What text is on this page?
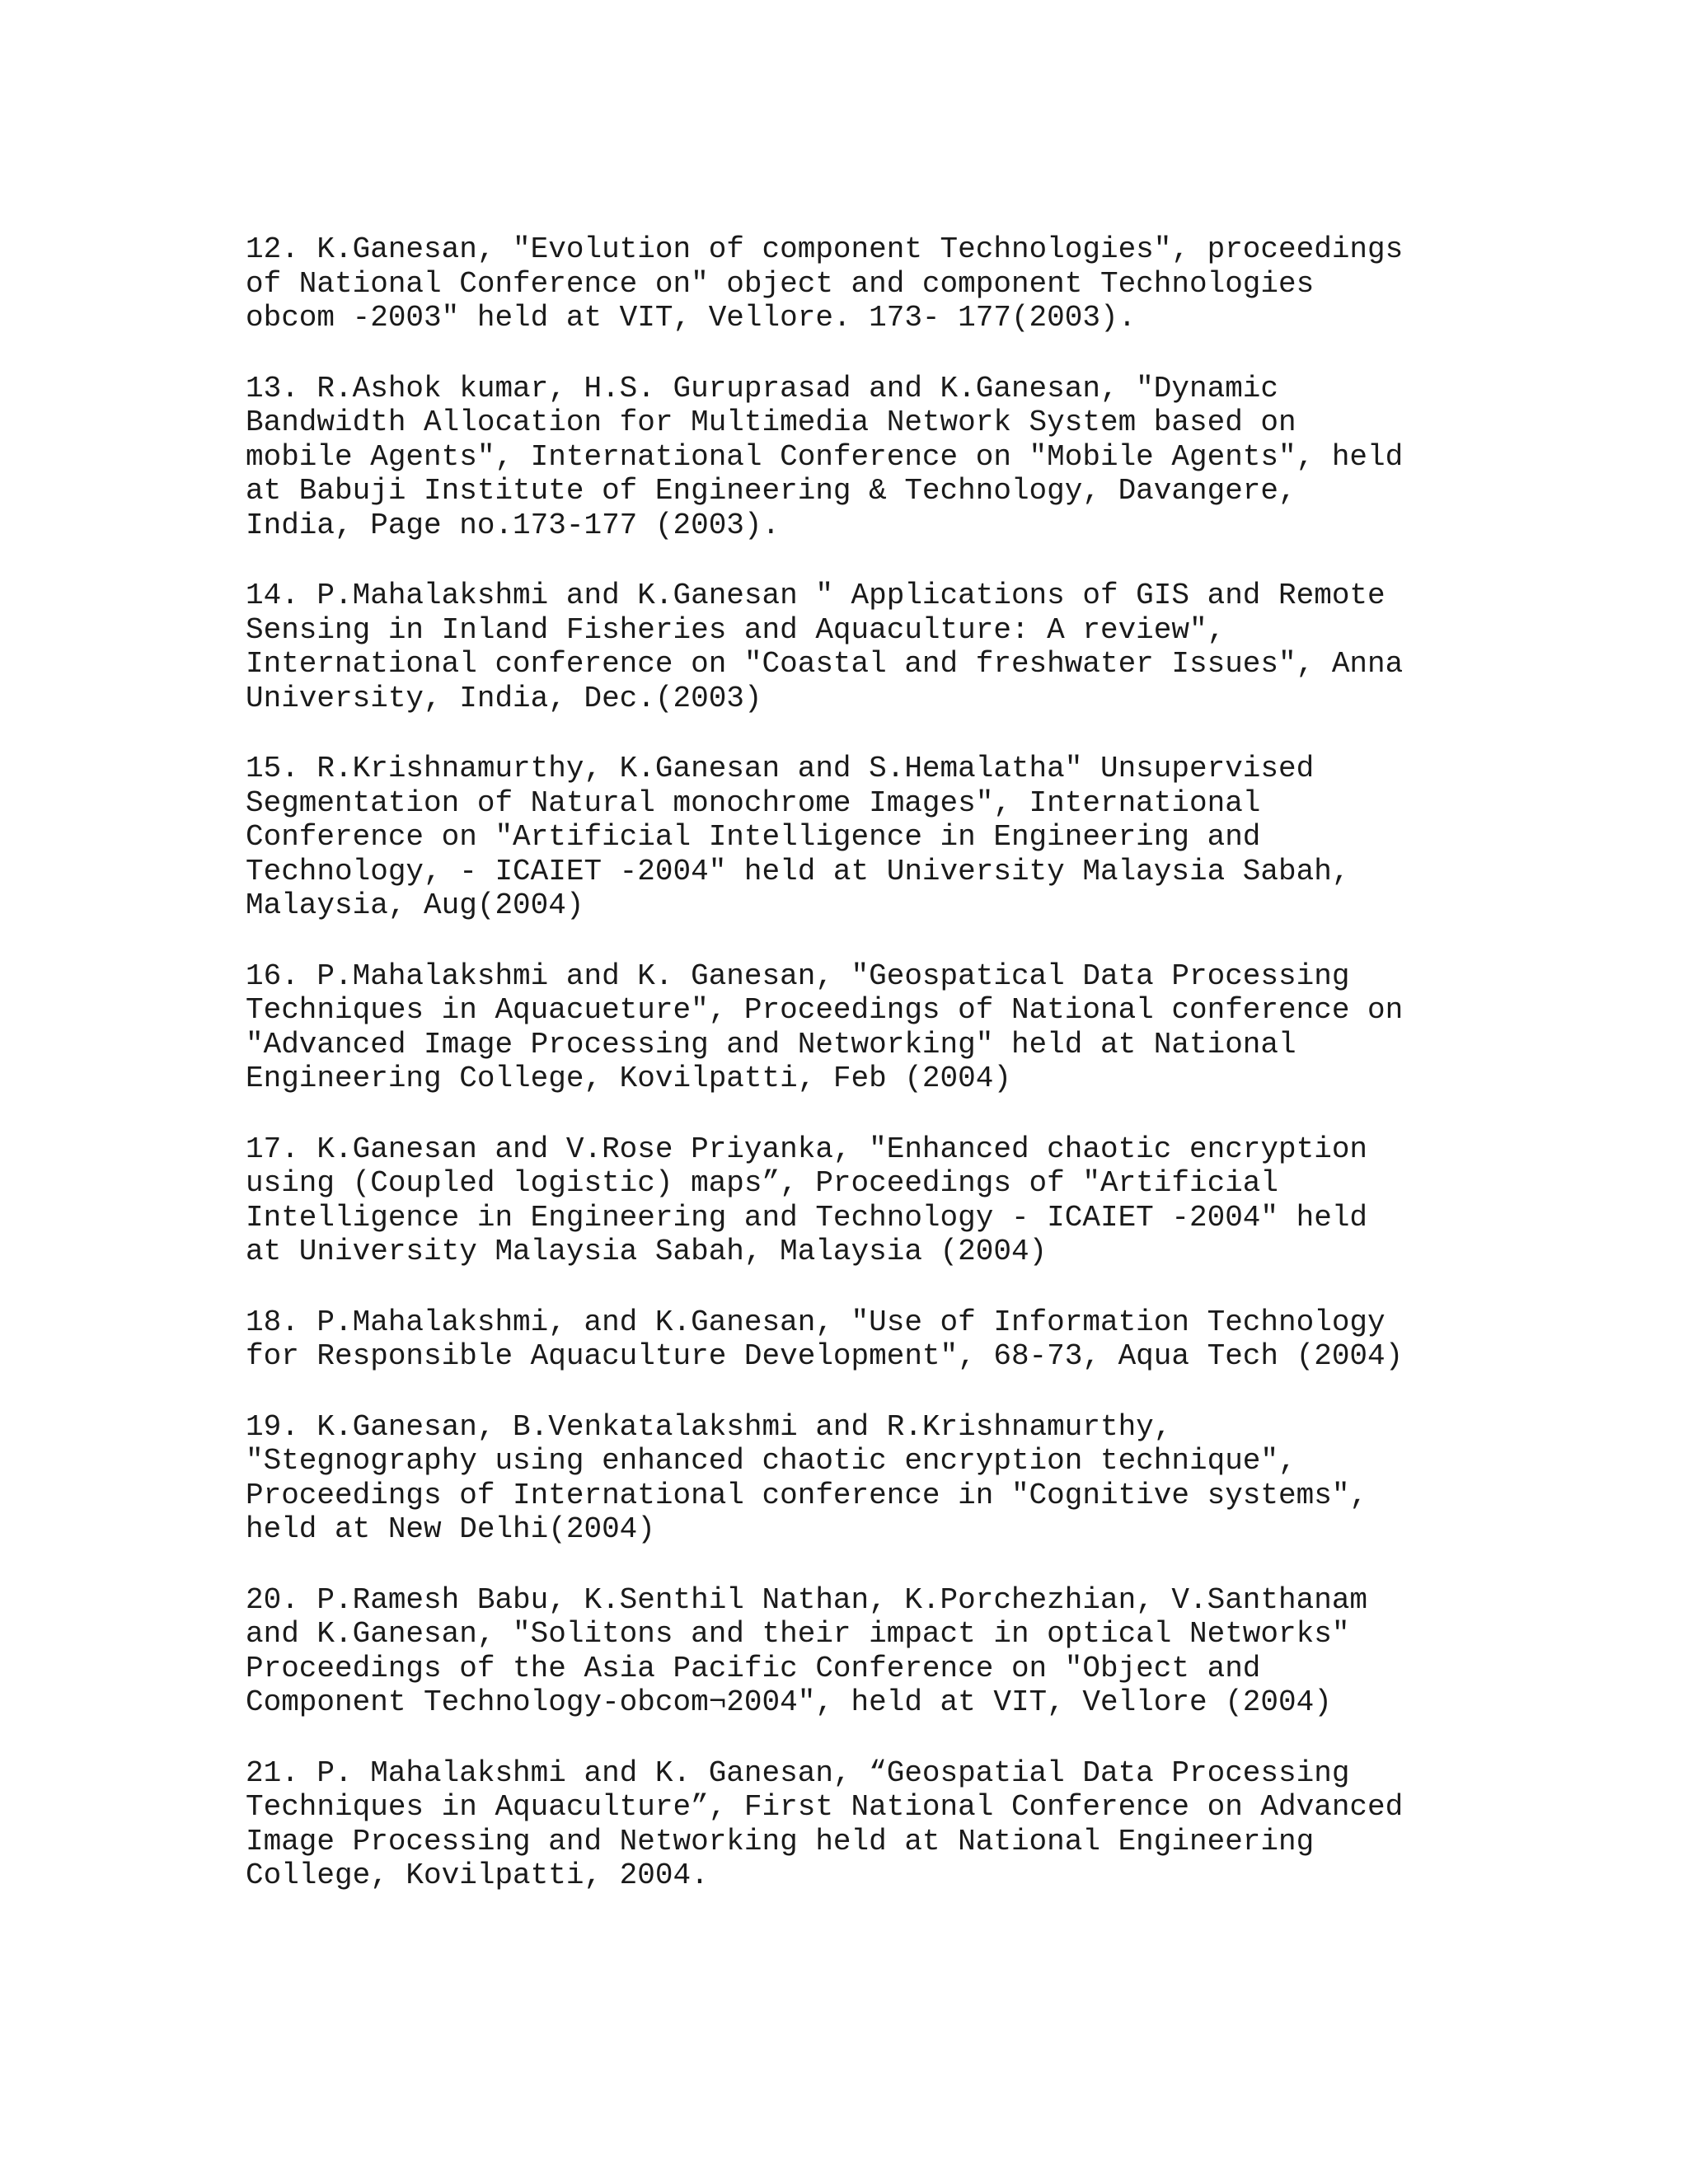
12. K.Ganesan, "Evolution of component Technologies", proceedings
of National Conference on" object and component Technologies
obcom -2003" held at VIT, Vellore. 173- 177(2003).
13. R.Ashok kumar, H.S. Guruprasad and K.Ganesan, "Dynamic
Bandwidth Allocation for Multimedia Network System based on
mobile Agents", International Conference on "Mobile Agents", held
at Babuji Institute of Engineering & Technology, Davangere,
India, Page no.173-177 (2003).
14. P.Mahalakshmi and K.Ganesan " Applications of GIS and Remote
Sensing in Inland Fisheries and Aquaculture: A review",
International conference on "Coastal and freshwater Issues", Anna
University, India, Dec.(2003)
15. R.Krishnamurthy, K.Ganesan and S.Hemalatha" Unsupervised
Segmentation of Natural monochrome Images", International
Conference on "Artificial Intelligence in Engineering and
Technology, - ICAIET -2004" held at University Malaysia Sabah,
Malaysia, Aug(2004)
16. P.Mahalakshmi and K. Ganesan, "Geospatical Data Processing
Techniques in Aquacueture", Proceedings of National conference on
"Advanced Image Processing and Networking" held at National
Engineering College, Kovilpatti, Feb (2004)
17. K.Ganesan and V.Rose Priyanka, "Enhanced chaotic encryption
using (Coupled logistic) maps”, Proceedings of "Artificial
Intelligence in Engineering and Technology - ICAIET -2004" held
at University Malaysia Sabah, Malaysia (2004)
18. P.Mahalakshmi, and K.Ganesan, "Use of Information Technology
for Responsible Aquaculture Development", 68-73, Aqua Tech (2004)
19. K.Ganesan, B.Venkatalakshmi and R.Krishnamurthy,
"Stegnography using enhanced chaotic encryption technique",
Proceedings of International conference in "Cognitive systems",
held at New Delhi(2004)
20. P.Ramesh Babu, K.Senthil Nathan, K.Porchezhian, V.Santhanam
and K.Ganesan, "Solitons and their impact in optical Networks"
Proceedings of the Asia Pacific Conference on "Object and
Component Technology-obcom¬2004", held at VIT, Vellore (2004)
21. P. Mahalakshmi and K. Ganesan, “Geospatial Data Processing
Techniques in Aquaculture”, First National Conference on Advanced
Image Processing and Networking held at National Engineering
College, Kovilpatti, 2004.
